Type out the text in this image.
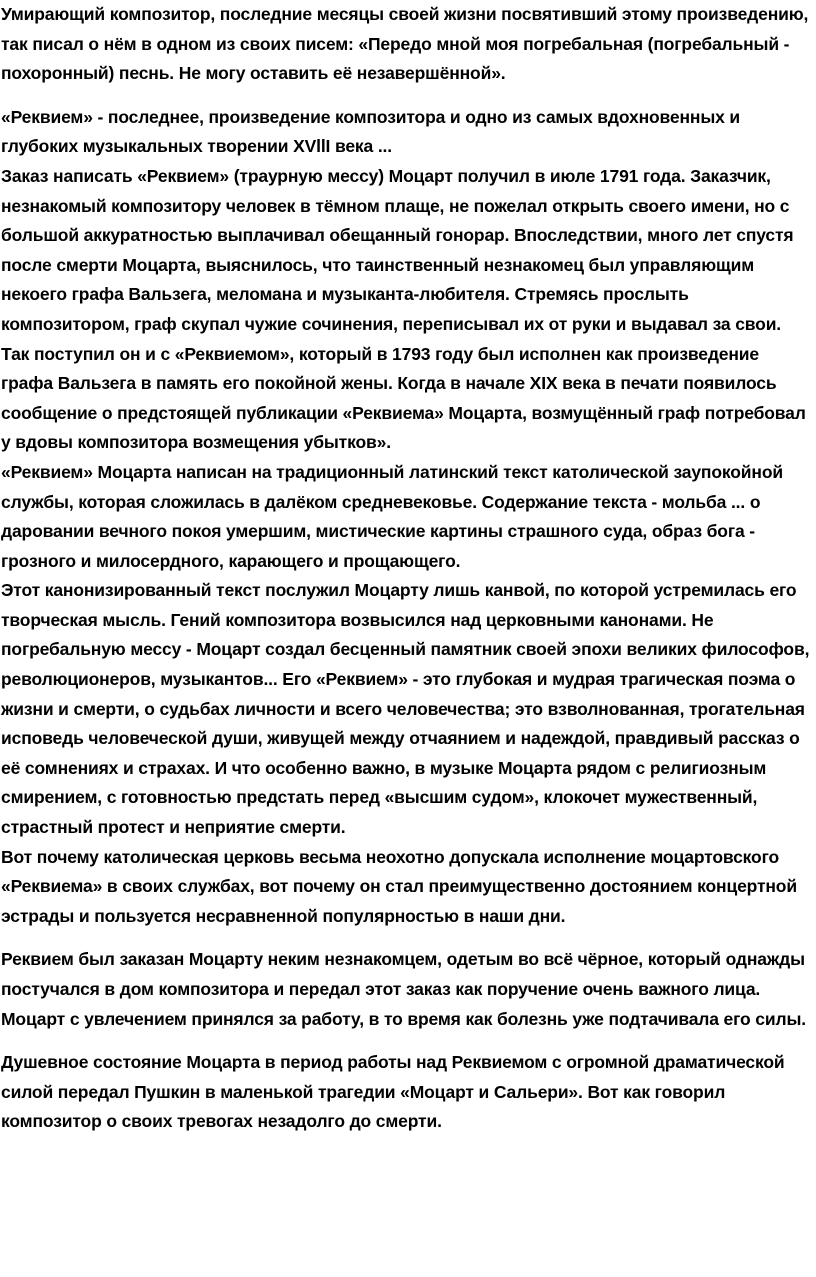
Умирающий композитор, последние месяцы своей жизни посвятивший этому произведению, так писал о нём в одном из своих писем: «Передо мной моя погребальная (погребальный - похоронный) песнь. Не могу оставить её незавершённой».

«Реквием» - последнее, произведение композитора и одно из самых вдохновенных и глубоких музыкальных творении XVllI века ...

Заказ написать «Реквием» (траурную мессу) Моцарт получил в июле 1791 года. Заказчик, незнакомый композитору человек в тёмном плаще, не пожелал открыть своего имени, но с большой аккуратностью выплачивал обещанный гонорар. Впоследствии, много лет спустя после смерти Моцарта, выяснилось, что таинственный незнакомец был управляющим некоего графа Вальзега, меломана и музыканта-любителя. Стремясь прослыть композитором, граф скупал чужие сочинения, переписывал их от руки и выдавал за свои. Так поступил он и с «Реквиемом», который в 1793 году был исполнен как произведение графа Вальзега в память его покойной жены. Когда в начале XIX века в печати появилось сообщение о предстоящей публикации «Реквиема» Моцарта, возмущённый граф потребовал у вдовы композитора возмещения убытков».

«Реквием» Моцарта написан на традиционный латинский текст католической заупокойной службы, которая сложилась в далёком средневековье. Содержание текста - мольба ... о даровании вечного покоя умершим, мистические картины страшного суда, образ бога - грозного и милосердного, карающего и прощающего.

Этот канонизированный текст послужил Моцарту лишь канвой, по которой устремилась его творческая мысль. Гений композитора возвысился над церковными канонами. Не погребальную мессу - Моцарт создал бесценный памятник своей эпохи великих философов, революционеров, музыкантов... Его «Реквием» - это глубокая и мудрая трагическая поэма о жизни и смерти, о судьбах личности и всего человечества; это взволнованная, трогательная исповедь человеческой души, живущей между отчаянием и надеждой, правдивый рассказ о её сомнениях и страхах. И что особенно важно, в музыке Моцарта рядом с религиозным смирением, с готовностью предстать перед «высшим судом», клокочет мужественный, страстный протест и неприятие смерти.

Вот почему католическая церковь весьма неохотно допускала исполнение моцартовского «Реквиема» в своих службах, вот почему он стал преимущественно достоянием концертной эстрады и пользуется несравненной популярностью в наши дни.

Реквием был заказан Моцарту неким незнакомцем, одетым во всё чёрное, который однажды постучался в дом композитора и передал этот заказ как поручение очень важного лица. Моцарт с увлечением принялся за работу, в то время как болезнь уже подтачивала его силы.

Душевное состояние Моцарта в период работы над Реквиемом с огромной драматической силой передал Пушкин в маленькой трагедии «Моцарт и Сальери». Вот как говорил композитор о своих тревогах незадолго до смерти.
